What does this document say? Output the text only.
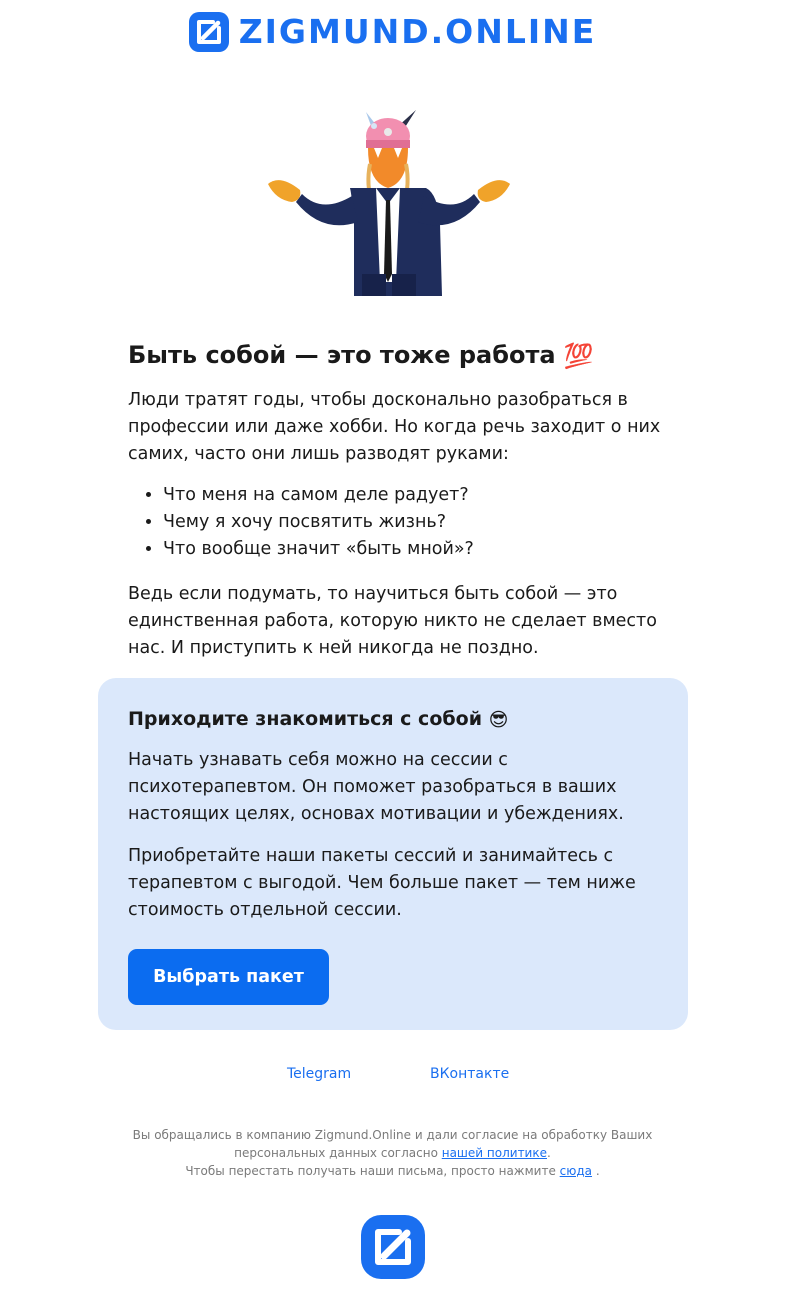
ZIGMUND.ONLINE
Быть собой — это тоже работа 💯

Люди тратят годы, чтобы досконально разобраться в профессии или даже хобби. Но когда речь заходит о них самих, часто они лишь разводят руками:

• Что меня на самом деле радует?
• Чему я хочу посвятить жизнь?
• Что вообще значит «быть мной»?

Ведь если подумать, то научиться быть собой — это единственная работа, которую никто не сделает вместо нас. И приступить к ней никогда не поздно.

Приходите знакомиться с собой 😎

Начать узнавать себя можно на сессии с психотерапевтом. Он поможет разобраться в ваших настоящих целях, основах мотивации и убеждениях.

Приобретайте наши пакеты сессий и занимайтесь с терапевтом с выгодой. Чем больше пакет — тем ниже стоимость отдельной сессии.

Выбрать пакет
Telegram	ВКонтакте
Вы обращались в компанию Zigmund.Online и дали согласие на обработку Ваших персональных данных согласно нашей политике.
Чтобы перестать получать наши письма, просто нажмите сюда .
